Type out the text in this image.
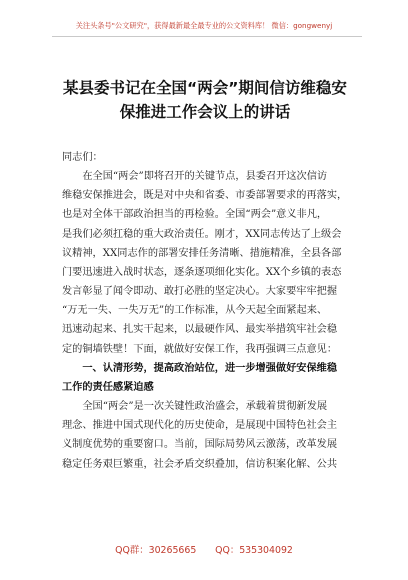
关注头条号"公文研究"，获得最新最全最专业的公文资料库！ 微信：gongwenyj
某县委书记在全国“两会”期间信访维稳安
保推进工作会议上的讲话
同志们：
　　在全国“两会”即将召开的关键节点，县委召开这次信访
维稳安保推进会，既是对中央和省委、市委部署要求的再落实，
也是对全体干部政治担当的再检验。全国“两会”意义非凡，
是我们必须扛稳的重大政治责任。刚才，XX同志传达了上级会
议精神，XX同志作的部署安排任务清晰、措施精准，全县各部
门要迅速进入战时状态，逐条逐项细化实化。XX个乡镇的表态
发言彰显了闻令即动、敢打必胜的坚定决心。大家要牢牢把握
“万无一失、一失万无”的工作标准，从今天起全面紧起来、
迅速动起来、扎实干起来，以最硬作风、最实举措筑牢社会稳
定的铜墙铁壁！下面，就做好安保工作，我再强调三点意见：
　　一、认清形势，提高政治站位，进一步增强做好安保维稳
工作的责任感紧迫感
　　全国“两会”是一次关键性政治盛会，承载着贯彻新发展
理念、推进中国式现代化的历史使命，是展现中国特色社会主
义制度优势的重要窗口。当前，国际局势风云激荡，改革发展
稳定任务艰巨繁重，社会矛盾交织叠加，信访积案化解、公共
QQ群：30265665　　QQ：535304092
